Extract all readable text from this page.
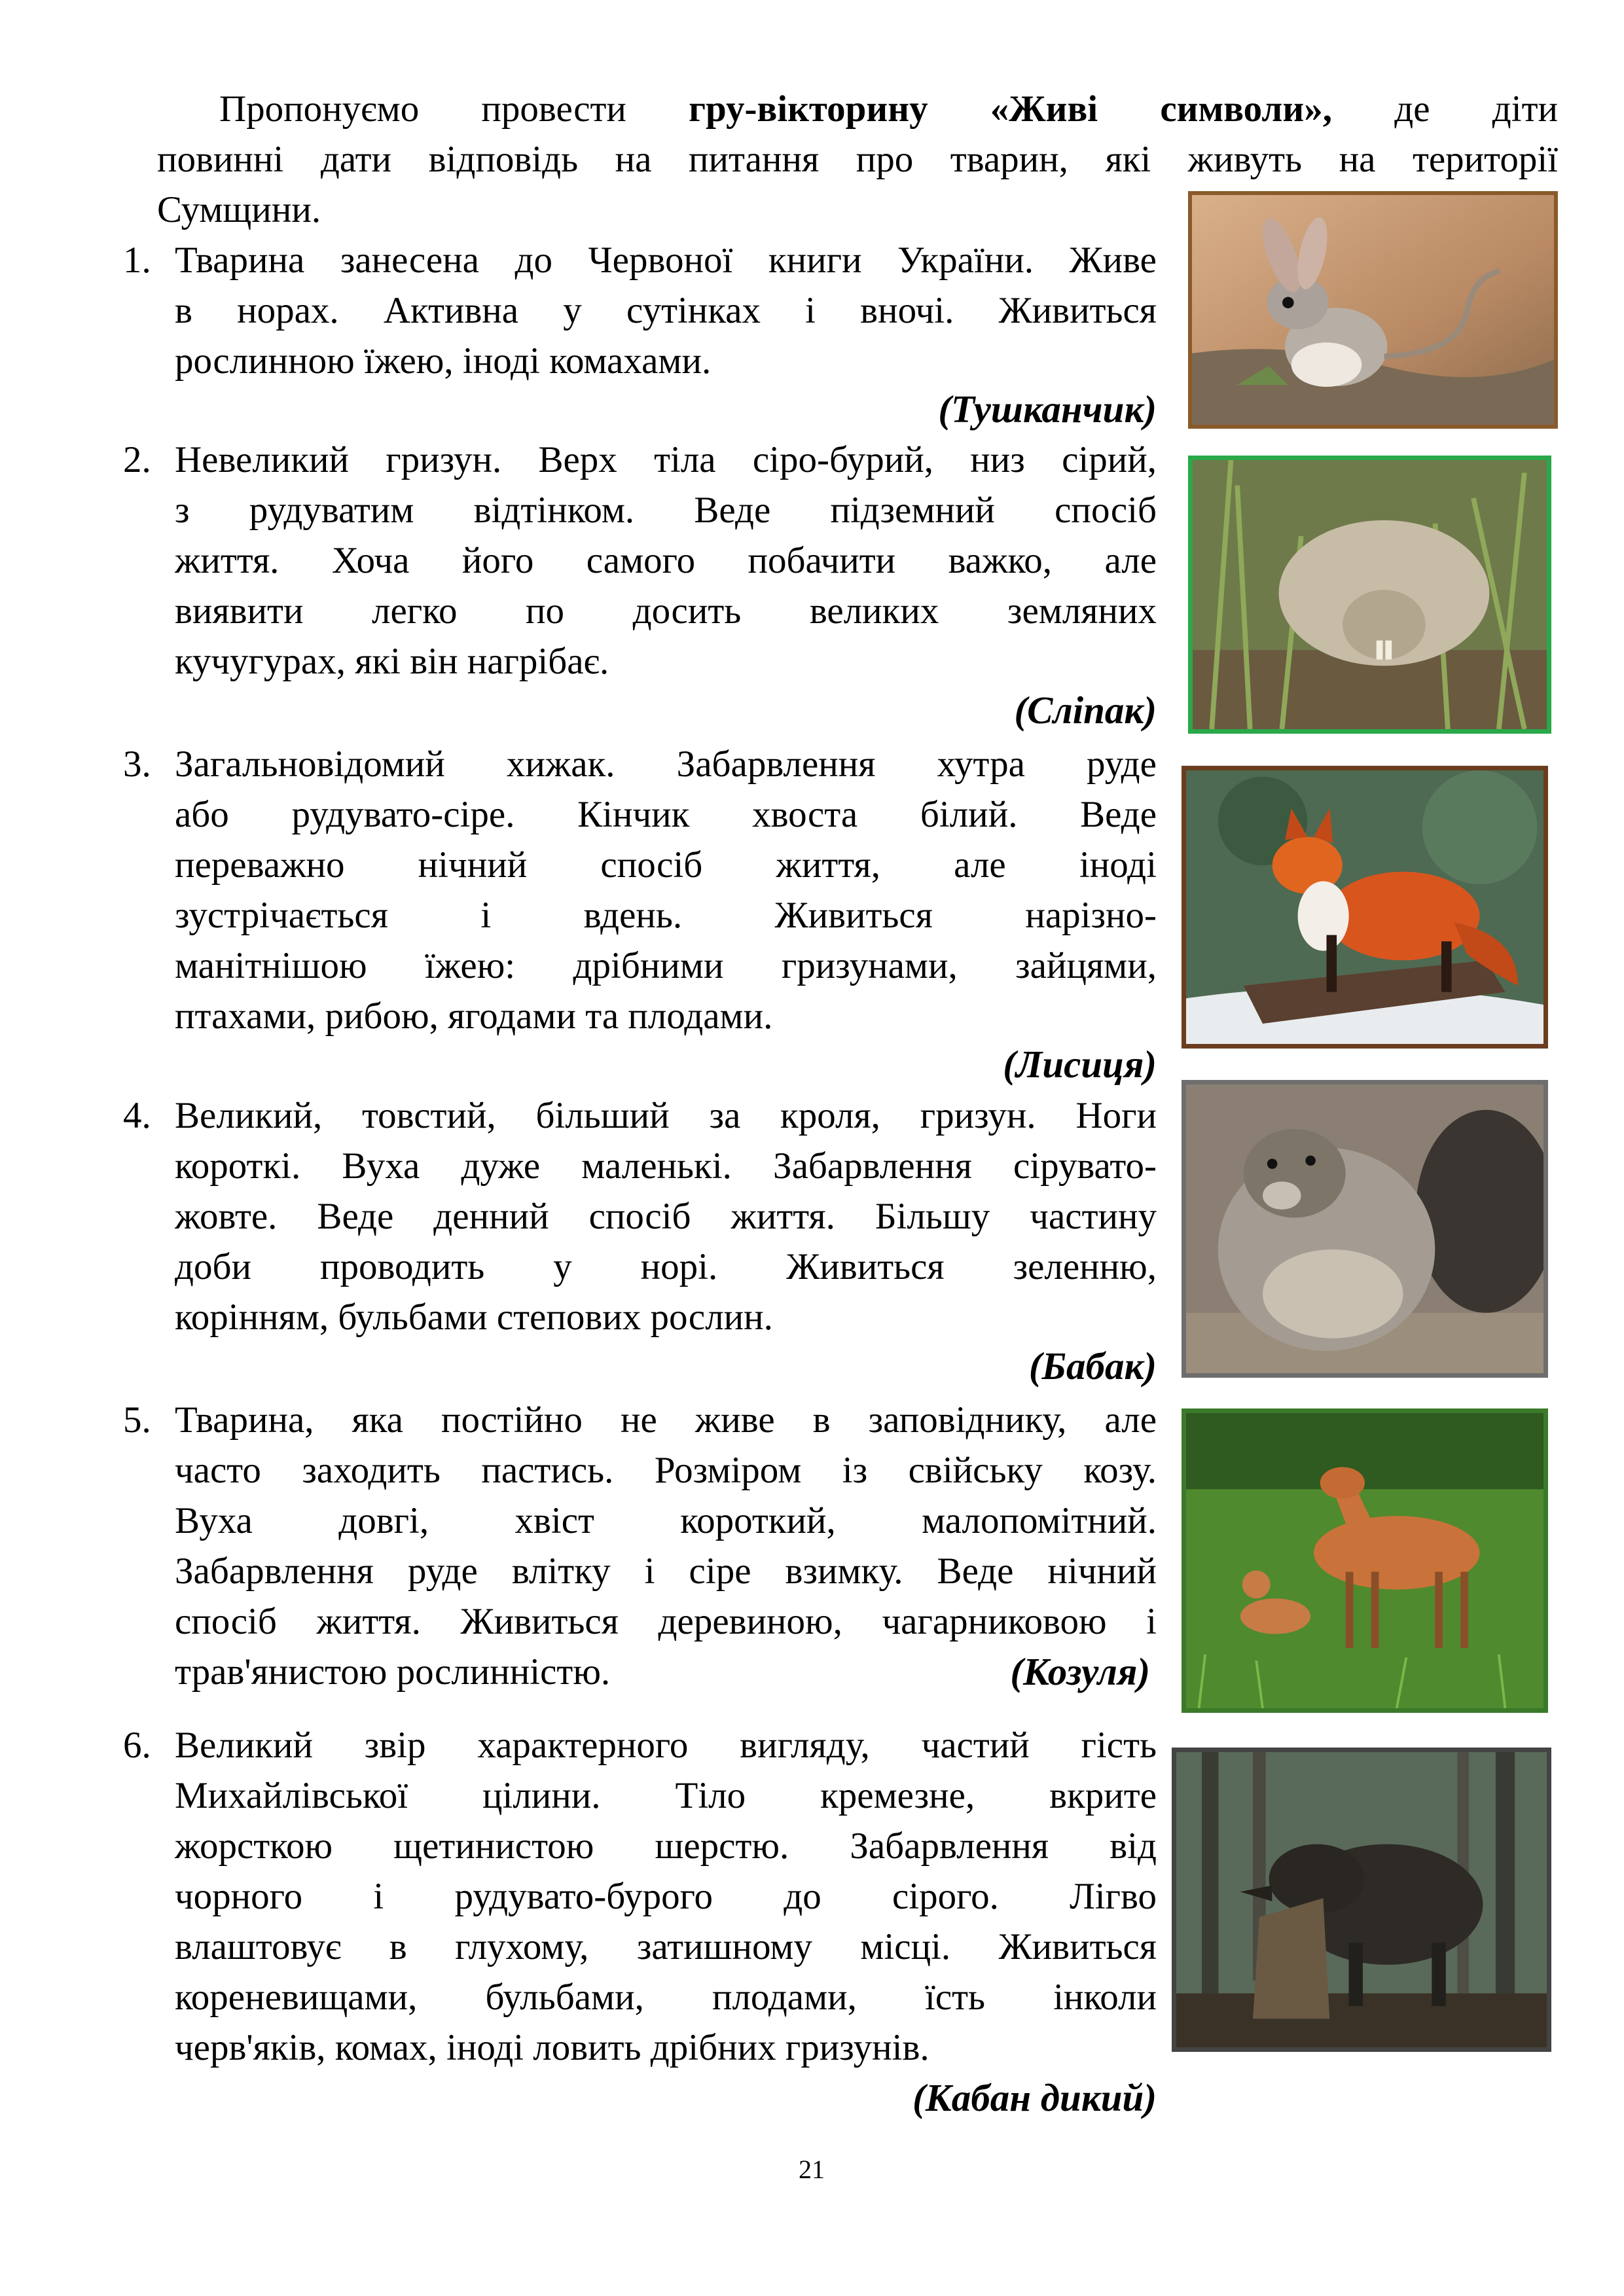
Пропонуємо провести гру-вікторину «Живі символи», де діти
повинні дати відповідь на питання про тварин, які живуть на території
Сумщини.
1. Тварина занесена до Червоної книги України. Живе
в норах. Активна у сутінках і вночі. Живиться
рослинною їжею, іноді комахами.
(Тушканчик)
2. Невеликий гризун. Верх тіла сіро-бурий, низ сірий,
з рудуватим відтінком. Веде підземний спосіб
життя. Хоча його самого побачити важко, але
виявити легко по досить великих земляних
кучугурах, які він нагрібає.
(Сліпак)
3. Загальновідомий хижак. Забарвлення хутра руде
або рудувато-сіре. Кінчик хвоста білий. Веде
переважно нічний спосіб життя, але іноді
зустрічається і вдень. Живиться нарізно-
манітнішою їжею: дрібними гризунами, зайцями,
птахами, рибою, ягодами та плодами.
(Лисиця)
4. Великий, товстий, більший за кроля, гризун. Ноги
короткі. Вуха дуже маленькі. Забарвлення сірувато-
жовте. Веде денний спосіб життя. Більшу частину
доби проводить у норі. Живиться зеленню,
корінням, бульбами степових рослин.
(Бабак)
5. Тварина, яка постійно не живе в заповіднику, але
часто заходить пастись. Розміром із свійську козу.
Вуха довгі, хвіст короткий, малопомітний.
Забарвлення руде влітку і сіре взимку. Веде нічний
спосіб життя. Живиться деревиною, чагарниковою і
трав'янистою рослинністю.	(Козуля)
6. Великий звір характерного вигляду, частий гість
Михайлівської цілини. Тіло кремезне, вкрите
жорсткою щетинистою шерстю. Забарвлення від
чорного і рудувато-бурого до сірого. Лігво
влаштовує в глухому, затишному місці. Живиться
кореневищами, бульбами, плодами, їсть інколи
черв'яків, комах, іноді ловить дрібних гризунів.
(Кабан дикий)
21
